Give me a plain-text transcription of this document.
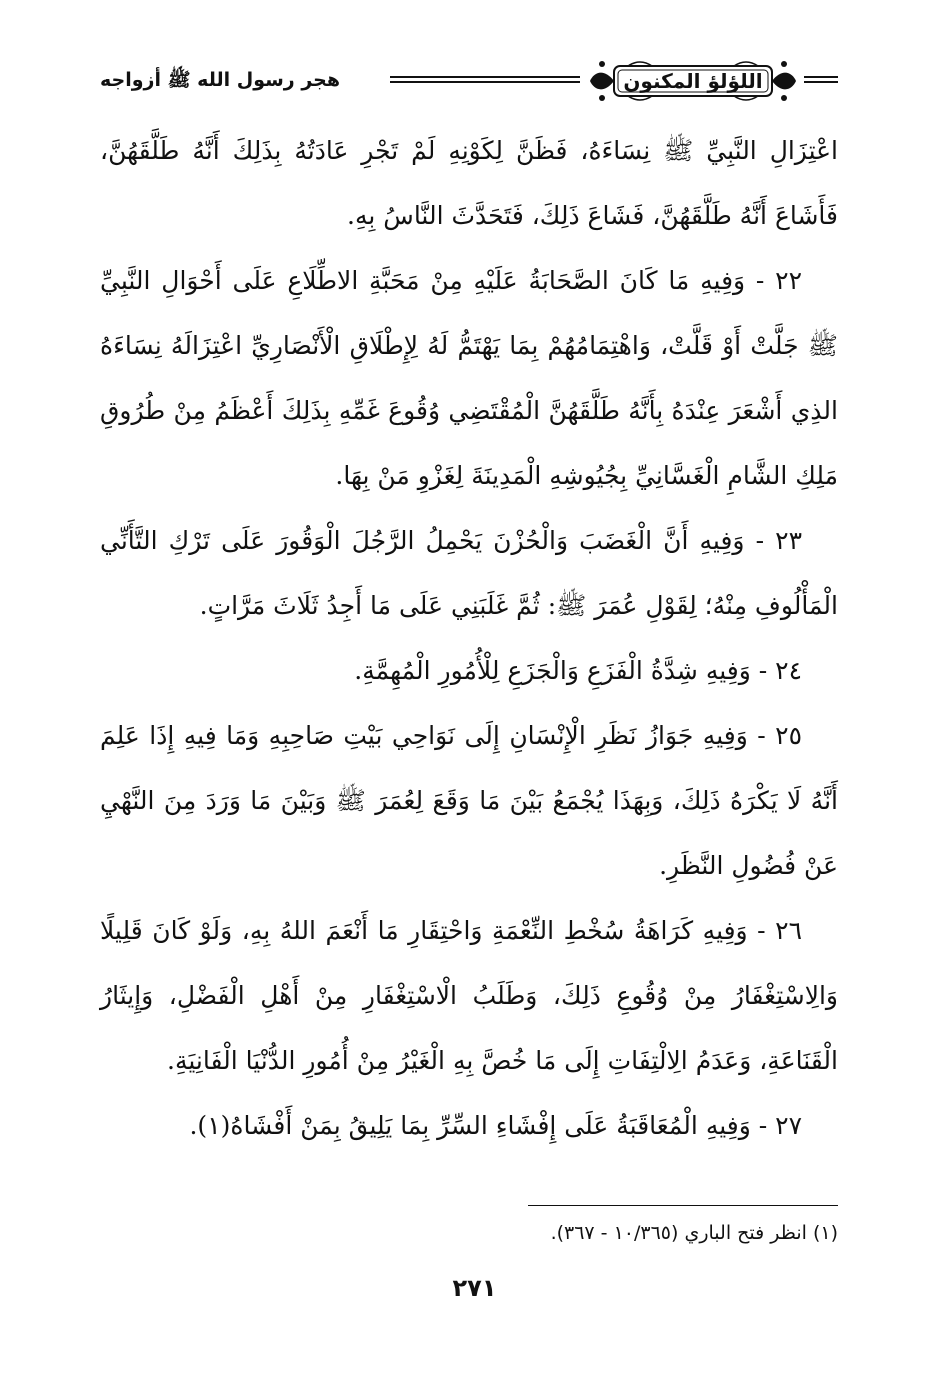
اللؤلؤ المكنون
هجر رسول الله ﷺ أزواجه

اعْتِزَالِ النَّبِيِّ ﷺ نِسَاءَهُ، فَظَنَّ لِكَوْنِهِ لَمْ تَجْرِ عَادَتُهُ بِذَلِكَ أَنَّهُ طَلَّقَهُنَّ، فَأَشَاعَ أَنَّهُ طَلَّقَهُنَّ، فَشَاعَ ذَلِكَ، فَتَحَدَّثَ النَّاسُ بِهِ.

٢٢ - وَفِيهِ مَا كَانَ الصَّحَابَةُ عَلَيْهِ مِنْ مَحَبَّةِ الاطِّلَاعِ عَلَى أَحْوَالِ النَّبِيِّ ﷺ جَلَّتْ أَوْ قَلَّتْ، وَاهْتِمَامُهُمْ بِمَا يَهْتَمُّ لَهُ لِإِطْلَاقِ الْأَنْصَارِيِّ اعْتِزَالَهُ نِسَاءَهُ الذِي أَشْعَرَ عِنْدَهُ بِأَنَّهُ طَلَّقَهُنَّ الْمُقْتَضِي وُقُوعَ غَمِّهِ بِذَلِكَ أَعْظَمُ مِنْ طُرُوقِ مَلِكِ الشَّامِ الْغَسَّانِيِّ بِجُيُوشِهِ الْمَدِينَةَ لِغَزْوِ مَنْ بِهَا.

٢٣ - وَفِيهِ أَنَّ الْغَضَبَ وَالْحُزْنَ يَحْمِلُ الرَّجُلَ الْوَقُورَ عَلَى تَرْكِ التَّأَنِّي الْمَأْلُوفِ مِنْهُ؛ لِقَوْلِ عُمَرَ ﷺ: ثُمَّ غَلَبَنِي عَلَى مَا أَجِدُ ثَلَاثَ مَرَّاتٍ.

٢٤ - وَفِيهِ شِدَّةُ الْفَزَعِ وَالْجَزَعِ لِلْأُمُورِ الْمُهِمَّةِ.

٢٥ - وَفِيهِ جَوَازُ نَظَرِ الْإِنْسَانِ إِلَى نَوَاحِي بَيْتِ صَاحِبِهِ وَمَا فِيهِ إِذَا عَلِمَ أَنَّهُ لَا يَكْرَهُ ذَلِكَ، وَبِهَذَا يُجْمَعُ بَيْنَ مَا وَقَعَ لِعُمَرَ ﷺ وَبَيْنَ مَا وَرَدَ مِنَ النَّهْيِ عَنْ فُضُولِ النَّظَرِ.

٢٦ - وَفِيهِ كَرَاهَةُ سُخْطِ النِّعْمَةِ وَاحْتِقَارِ مَا أَنْعَمَ اللهُ بِهِ، وَلَوْ كَانَ قَلِيلًا وَالِاسْتِغْفَارُ مِنْ وُقُوعِ ذَلِكَ، وَطَلَبُ الْاسْتِغْفَارِ مِنْ أَهْلِ الْفَضْلِ، وَإِيثَارُ الْقَنَاعَةِ، وَعَدَمُ الِالْتِفَاتِ إِلَى مَا خُصَّ بِهِ الْغَيْرُ مِنْ أُمُورِ الدُّنْيَا الْفَانِيَةِ.

٢٧ - وَفِيهِ الْمُعَاقَبَةُ عَلَى إِفْشَاءِ السِّرِّ بِمَا يَلِيقُ بِمَنْ أَفْشَاهُ(١).

(١) انظر فتح الباري (١٠/٣٦٥ - ٣٦٧).
٢٧١
